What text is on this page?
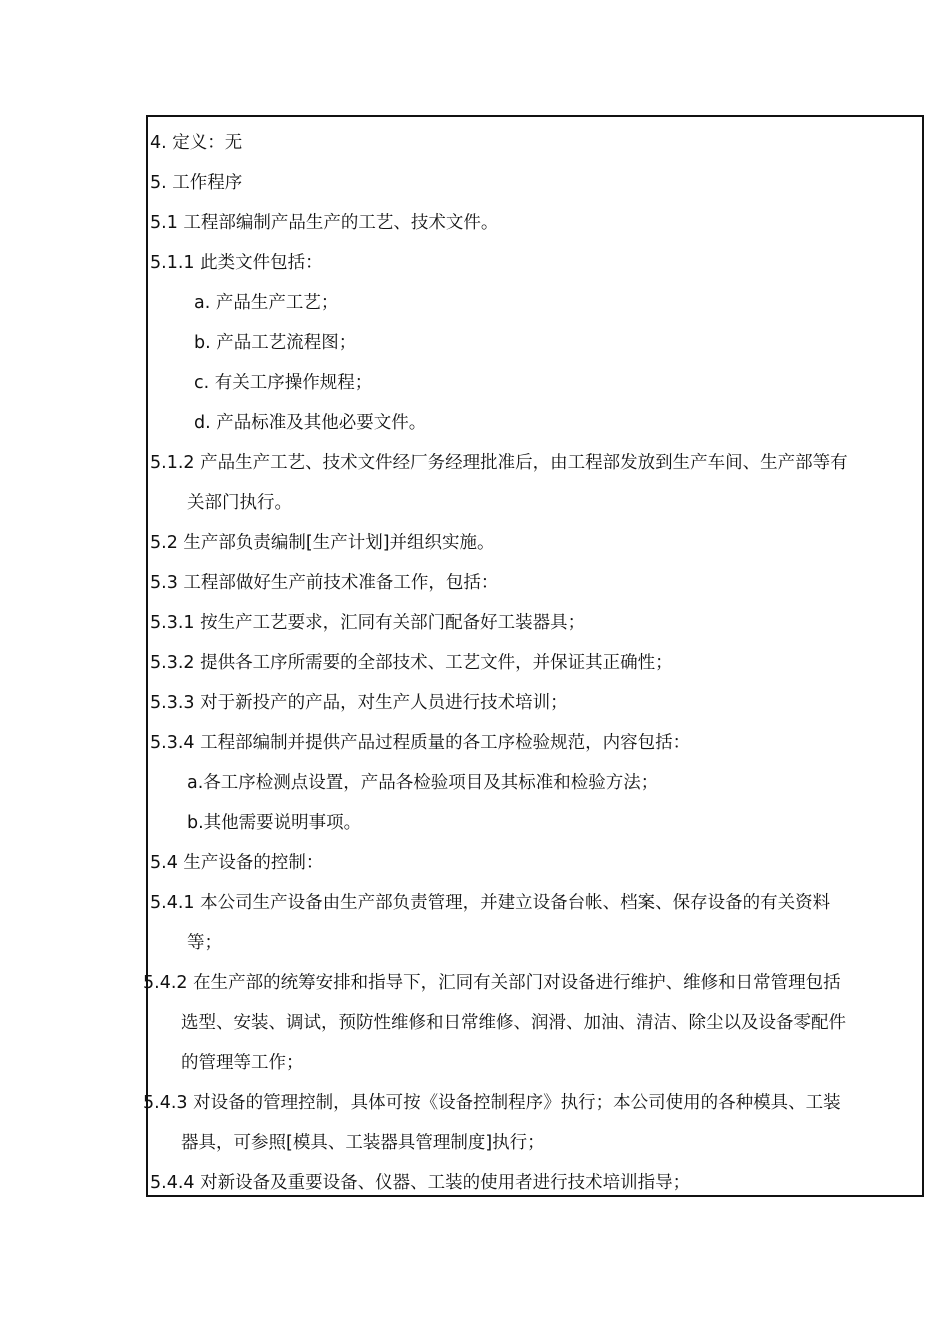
4. 定义：无
5. 工作程序
5.1 工程部编制产品生产的工艺、技术文件。
5.1.1 此类文件包括：
a. 产品生产工艺；
b. 产品工艺流程图；
c. 有关工序操作规程；
d. 产品标准及其他必要文件。
5.1.2 产品生产工艺、技术文件经厂务经理批准后，由工程部发放到生产车间、生产部等有
关部门执行。
5.2 生产部负责编制[生产计划]并组织实施。
5.3 工程部做好生产前技术准备工作，包括：
5.3.1 按生产工艺要求，汇同有关部门配备好工装器具；
5.3.2 提供各工序所需要的全部技术、工艺文件，并保证其正确性；
5.3.3 对于新投产的产品，对生产人员进行技术培训；
5.3.4 工程部编制并提供产品过程质量的各工序检验规范，内容包括：
a.各工序检测点设置，产品各检验项目及其标准和检验方法；
b.其他需要说明事项。
5.4 生产设备的控制：
5.4.1 本公司生产设备由生产部负责管理，并建立设备台帐、档案、保存设备的有关资料
等；
5.4.2 在生产部的统筹安排和指导下，汇同有关部门对设备进行维护、维修和日常管理包括
选型、安装、调试，预防性维修和日常维修、润滑、加油、清洁、除尘以及设备零配件
的管理等工作；
5.4.3 对设备的管理控制，具体可按《设备控制程序》执行；本公司使用的各种模具、工装
器具，可参照[模具、工装器具管理制度]执行；
5.4.4 对新设备及重要设备、仪器、工装的使用者进行技术培训指导；
